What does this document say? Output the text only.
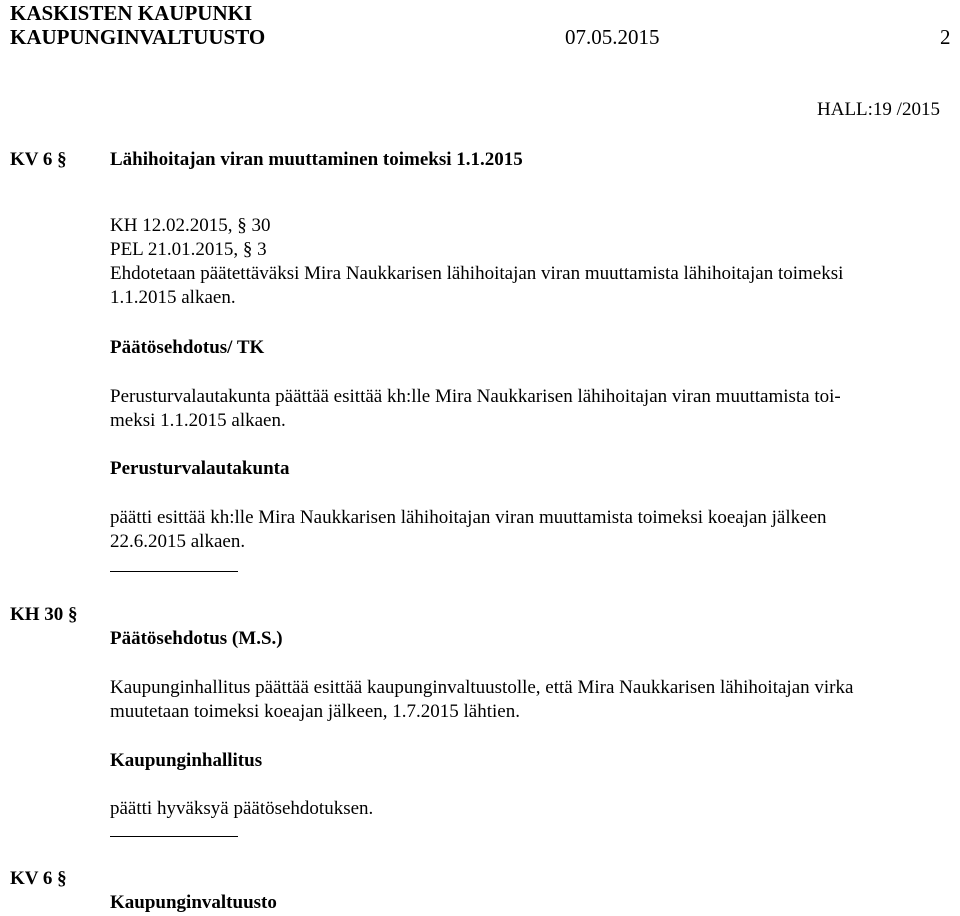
KASKISTEN KAUPUNKI
KAUPUNGINVALTUUSTO	07.05.2015	2
HALL:19 /2015
KV 6 § Lähihoitajan viran muuttaminen toimeksi 1.1.2015
KH 12.02.2015, § 30
PEL 21.01.2015, § 3
Ehdotetaan päätettäväksi Mira Naukkarisen lähihoitajan viran muuttamista lähihoitajan toimeksi
1.1.2015 alkaen.
Päätösehdotus/ TK
Perusturvalautakunta päättää esittää kh:lle Mira Naukkarisen lähihoitajan viran muuttamista toi-
meksi 1.1.2015 alkaen.
Perusturvalautakunta
päätti esittää kh:lle Mira Naukkarisen lähihoitajan viran muuttamista toimeksi koeajan jälkeen
22.6.2015 alkaen.
KH 30 §
Päätösehdotus (M.S.)
Kaupunginhallitus päättää esittää kaupunginvaltuustolle, että Mira Naukkarisen lähihoitajan virka
muutetaan toimeksi koeajan jälkeen, 1.7.2015 lähtien.
Kaupunginhallitus
päätti hyväksyä päätösehdotuksen.
KV 6 §
Kaupunginvaltuusto
